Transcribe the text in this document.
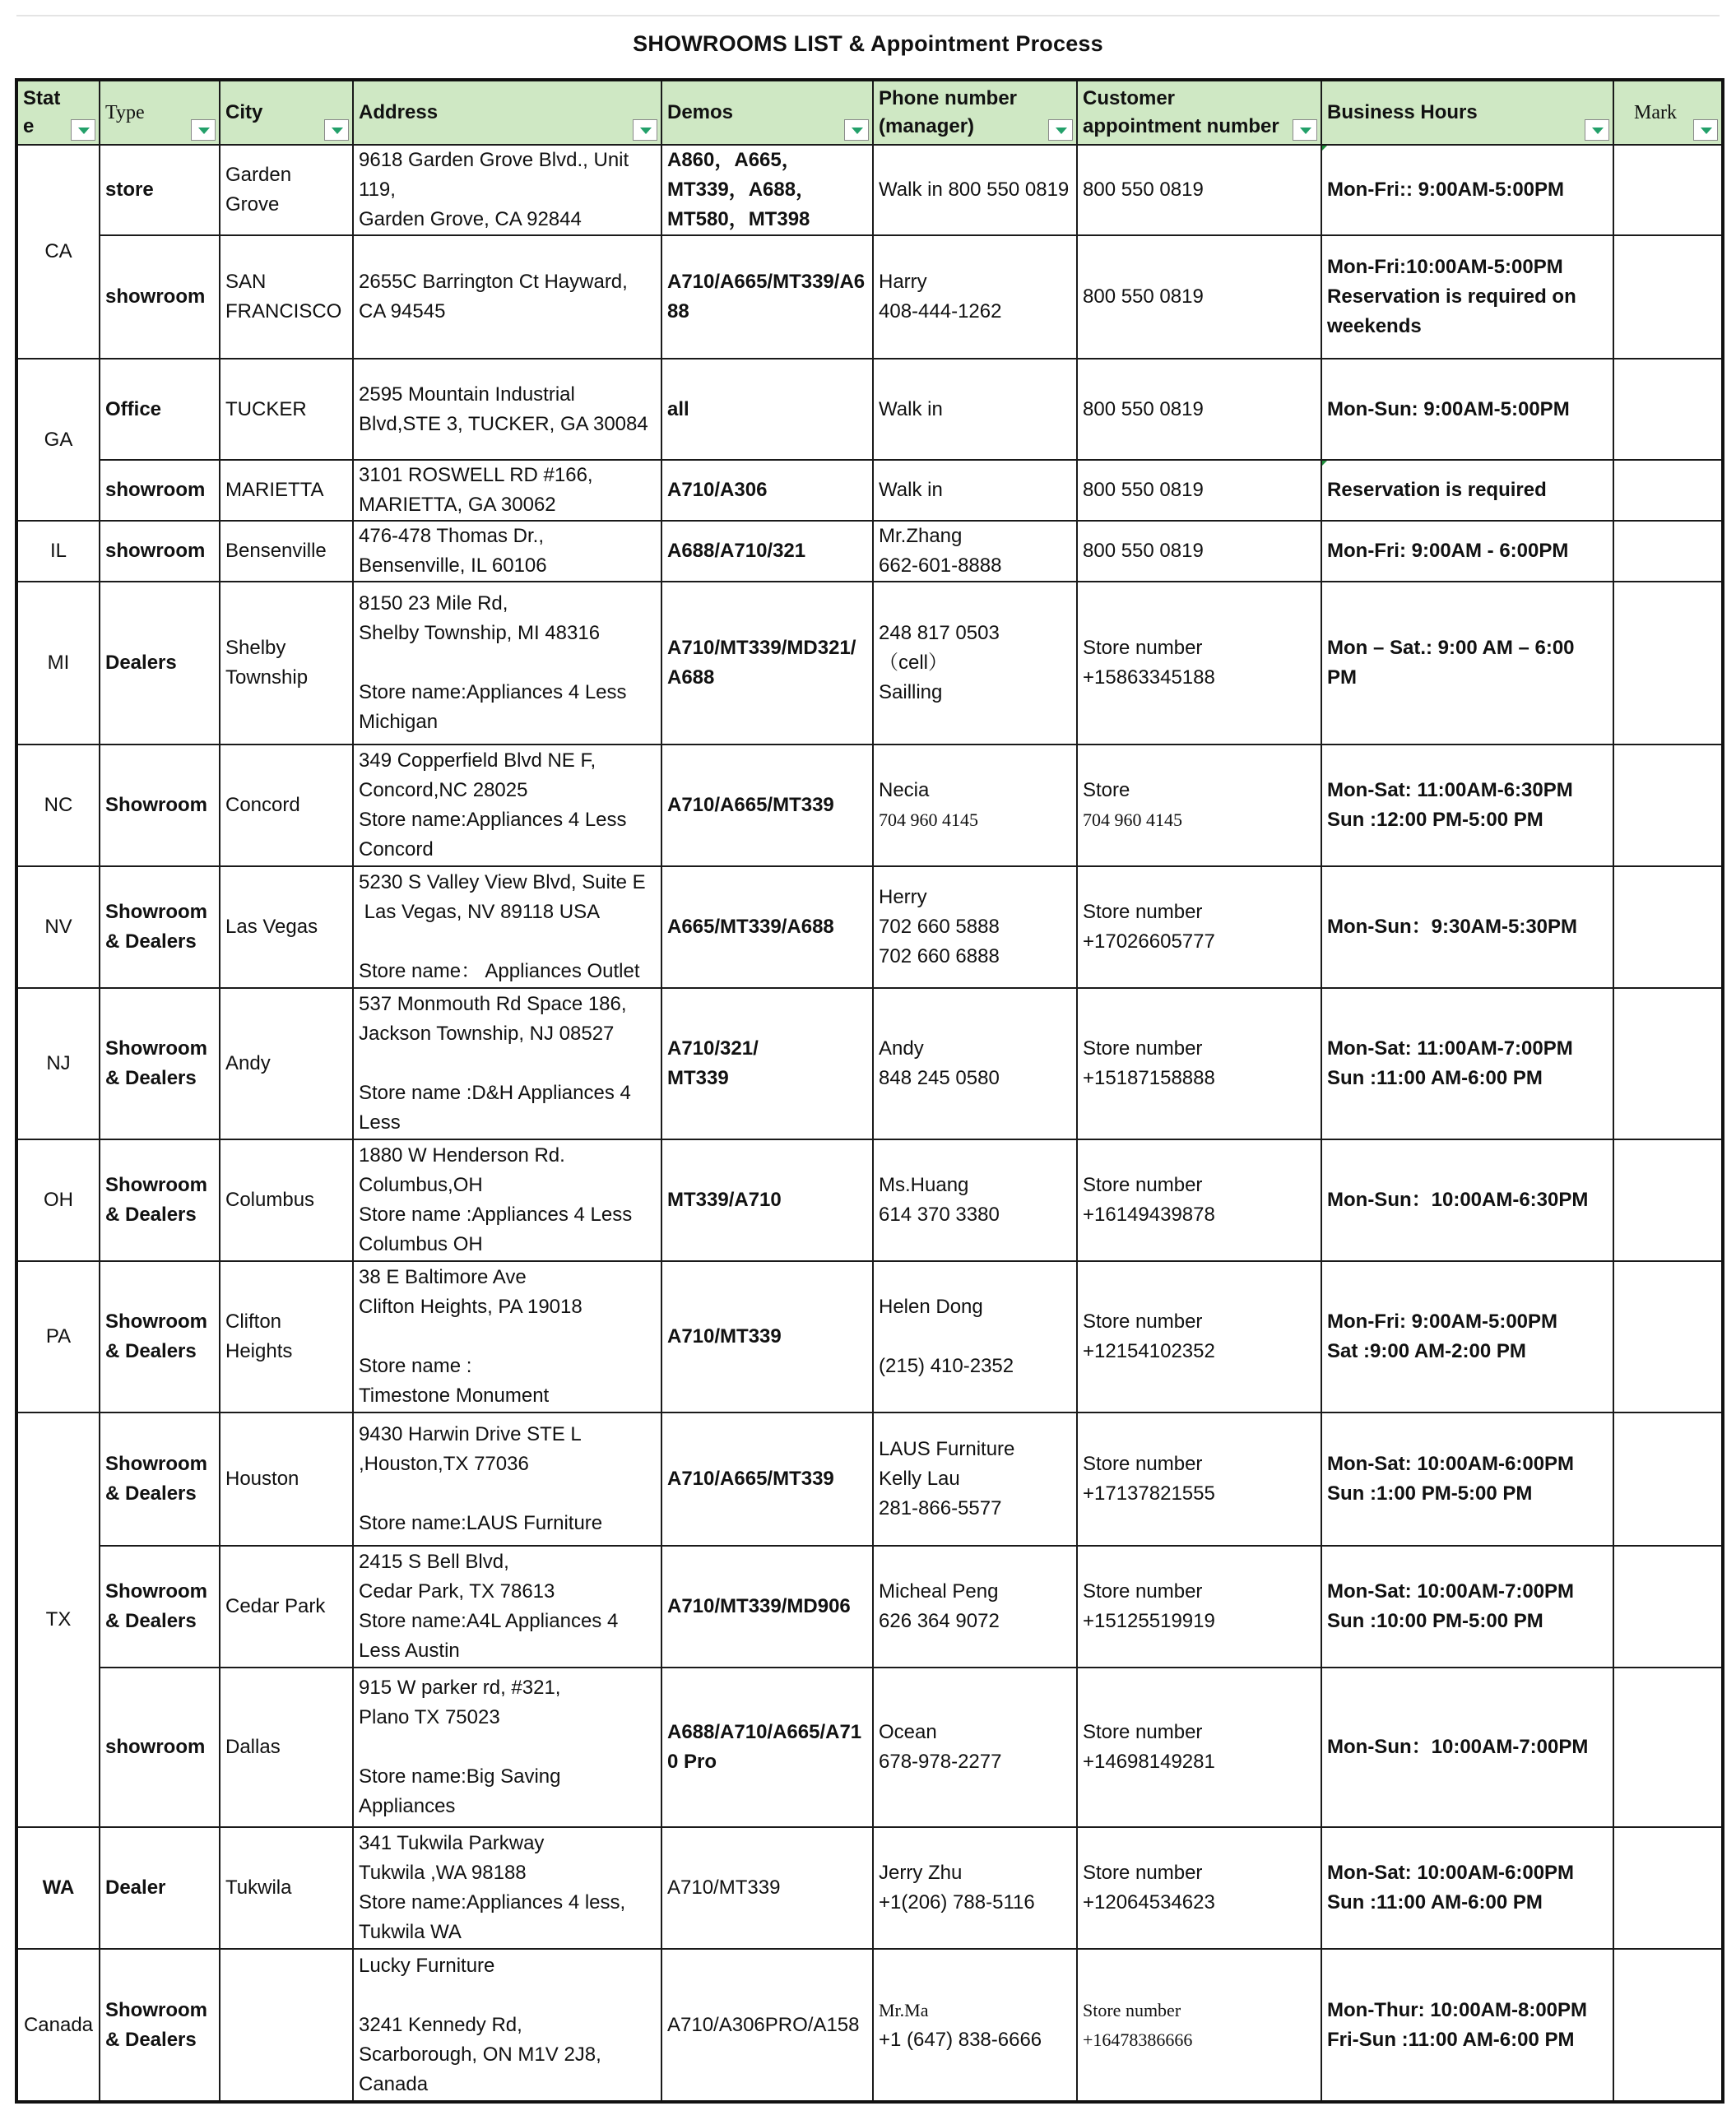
SHOWROOMS LIST & Appointment Process
State	Type	City	Address	Demos	Phone number (manager)	Customer appointment number	Business Hours	Mark

CA	store	Garden Grove	9618 Garden Grove Blvd., Unit 119,
Garden Grove, CA 92844	A860，A665，
MT339，A688，
MT580，MT398	Walk in 800 550 0819	800 550 0819	Mon-Fri:: 9:00AM-5:00PM	

	showroom	SAN FRANCISCO	2655C Barrington Ct Hayward, CA 94545	A710/A665/MT339/A688	Harry
408-444-1262	800 550 0819	Mon-Fri:10:00AM-5:00PM
Reservation is required on weekends	

GA	Office	TUCKER	2595 Mountain Industrial Blvd,STE 3, TUCKER, GA 30084	all	Walk in	800 550 0819	Mon-Sun: 9:00AM-5:00PM	

	showroom	MARIETTA	3101 ROSWELL RD #166,
MARIETTA, GA 30062	A710/A306	Walk in	800 550 0819	Reservation is required	

IL	showroom	Bensenville	476-478 Thomas Dr.,
Bensenville, IL 60106	A688/A710/321	Mr.Zhang
662-601-8888	800 550 0819	Mon-Fri: 9:00AM - 6:00PM	

MI	Dealers	Shelby Township	8150 23 Mile Rd,
Shelby Township, MI 48316
Store name:Appliances 4 Less Michigan	A710/MT339/MD321/A688	248 817 0503
（cell）
Sailling	Store number
+15863345188	Mon – Sat.: 9:00 AM – 6:00 PM	

NC	Showroom	Concord	349 Copperfield Blvd NE F,
Concord,NC 28025
Store name:Appliances 4 Less Concord	A710/A665/MT339	Necia
704 960 4145	Store
704 960 4145	Mon-Sat: 11:00AM-6:30PM
Sun :12:00 PM-5:00 PM	

NV	Showroom & Dealers	Las Vegas	5230 S Valley View Blvd, Suite E
Las Vegas, NV 89118 USA
Store name： Appliances Outlet	A665/MT339/A688	Herry
702 660 5888
702 660 6888	Store number
+17026605777	Mon-Sun：9:30AM-5:30PM	

NJ	Showroom & Dealers	Andy	537 Monmouth Rd Space 186,
Jackson Township, NJ 08527
Store name :D&H Appliances 4 Less	A710/321/
MT339	Andy
848 245 0580	Store number
+15187158888	Mon-Sat: 11:00AM-7:00PM
Sun :11:00 AM-6:00 PM	

OH	Showroom & Dealers	Columbus	1880 W Henderson Rd.
Columbus,OH
Store name :Appliances 4 Less Columbus OH	MT339/A710	Ms.Huang
614 370 3380	Store number
+16149439878	Mon-Sun：10:00AM-6:30PM	

PA	Showroom & Dealers	Clifton Heights	38 E Baltimore Ave
Clifton Heights, PA 19018
Store name :
Timestone Monument	A710/MT339	Helen Dong
(215) 410-2352	Store number
+12154102352	Mon-Fri: 9:00AM-5:00PM
Sat :9:00 AM-2:00 PM	

TX	Showroom & Dealers	Houston	9430 Harwin Drive STE L
,Houston,TX 77036
Store name:LAUS Furniture	A710/A665/MT339	LAUS Furniture
Kelly Lau
281-866-5577	Store number
+17137821555	Mon-Sat: 10:00AM-6:00PM
Sun :1:00 PM-5:00 PM	

	Showroom & Dealers	Cedar Park	2415 S Bell Blvd,
Cedar Park, TX 78613
Store name:A4L Appliances 4 Less Austin	A710/MT339/MD906	Micheal Peng
626 364 9072	Store number
+15125519919	Mon-Sat: 10:00AM-7:00PM
Sun :10:00 PM-5:00 PM	

	showroom	Dallas	915 W parker rd, #321,
Plano TX 75023
Store name:Big Saving Appliances	A688/A710/A665/A710 Pro	Ocean
678-978-2277	Store number
+14698149281	Mon-Sun：10:00AM-7:00PM	

WA	Dealer	Tukwila	341 Tukwila Parkway
Tukwila ,WA 98188
Store name:Appliances 4 less, Tukwila WA	A710/MT339	Jerry Zhu
+1(206) 788-5116	Store number
+12064534623	Mon-Sat: 10:00AM-6:00PM
Sun :11:00 AM-6:00 PM	

Canada	Showroom & Dealers		Lucky Furniture
3241 Kennedy Rd,
Scarborough, ON M1V 2J8,
Canada	A710/A306PRO/A158	Mr.Ma
+1 (647) 838-6666	Store number
+16478386666	Mon-Thur: 10:00AM-8:00PM
Fri-Sun :11:00 AM-6:00 PM	
